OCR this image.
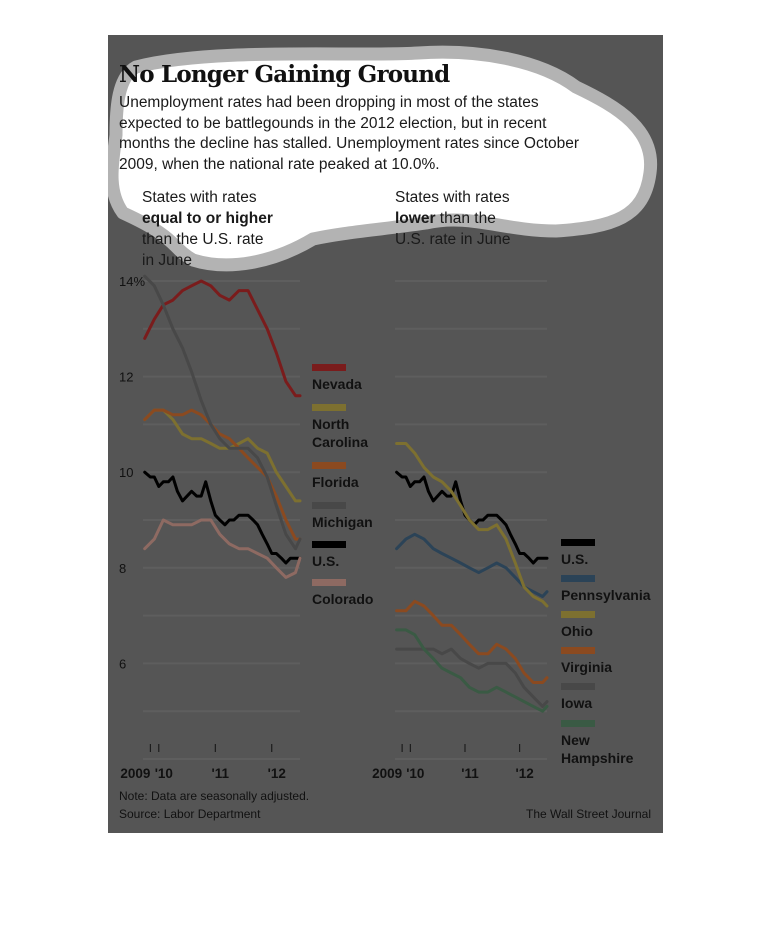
No Longer Gaining Ground

Unemployment rates had been dropping in most of the states expected to be battlegounds in the 2012 election, but in recent months the decline has stalled. Unemployment rates since October 2009, when the national rate peaked at 10.0%.

States with rates
equal to or higher
than the U.S. rate
in June
States with rates
lower than the
U.S. rate in June
14%
12
10
8
6
2009 '10	'11	'12
Nevada
North Carolina
Florida
Michigan
U.S.
Colorado
2009 '10	'11	'12
U.S.
Pennsylvania
Ohio
Virginia
Iowa
New Hampshire
Note: Data are seasonally adjusted.
Source: Labor Department	The Wall Street Journal
